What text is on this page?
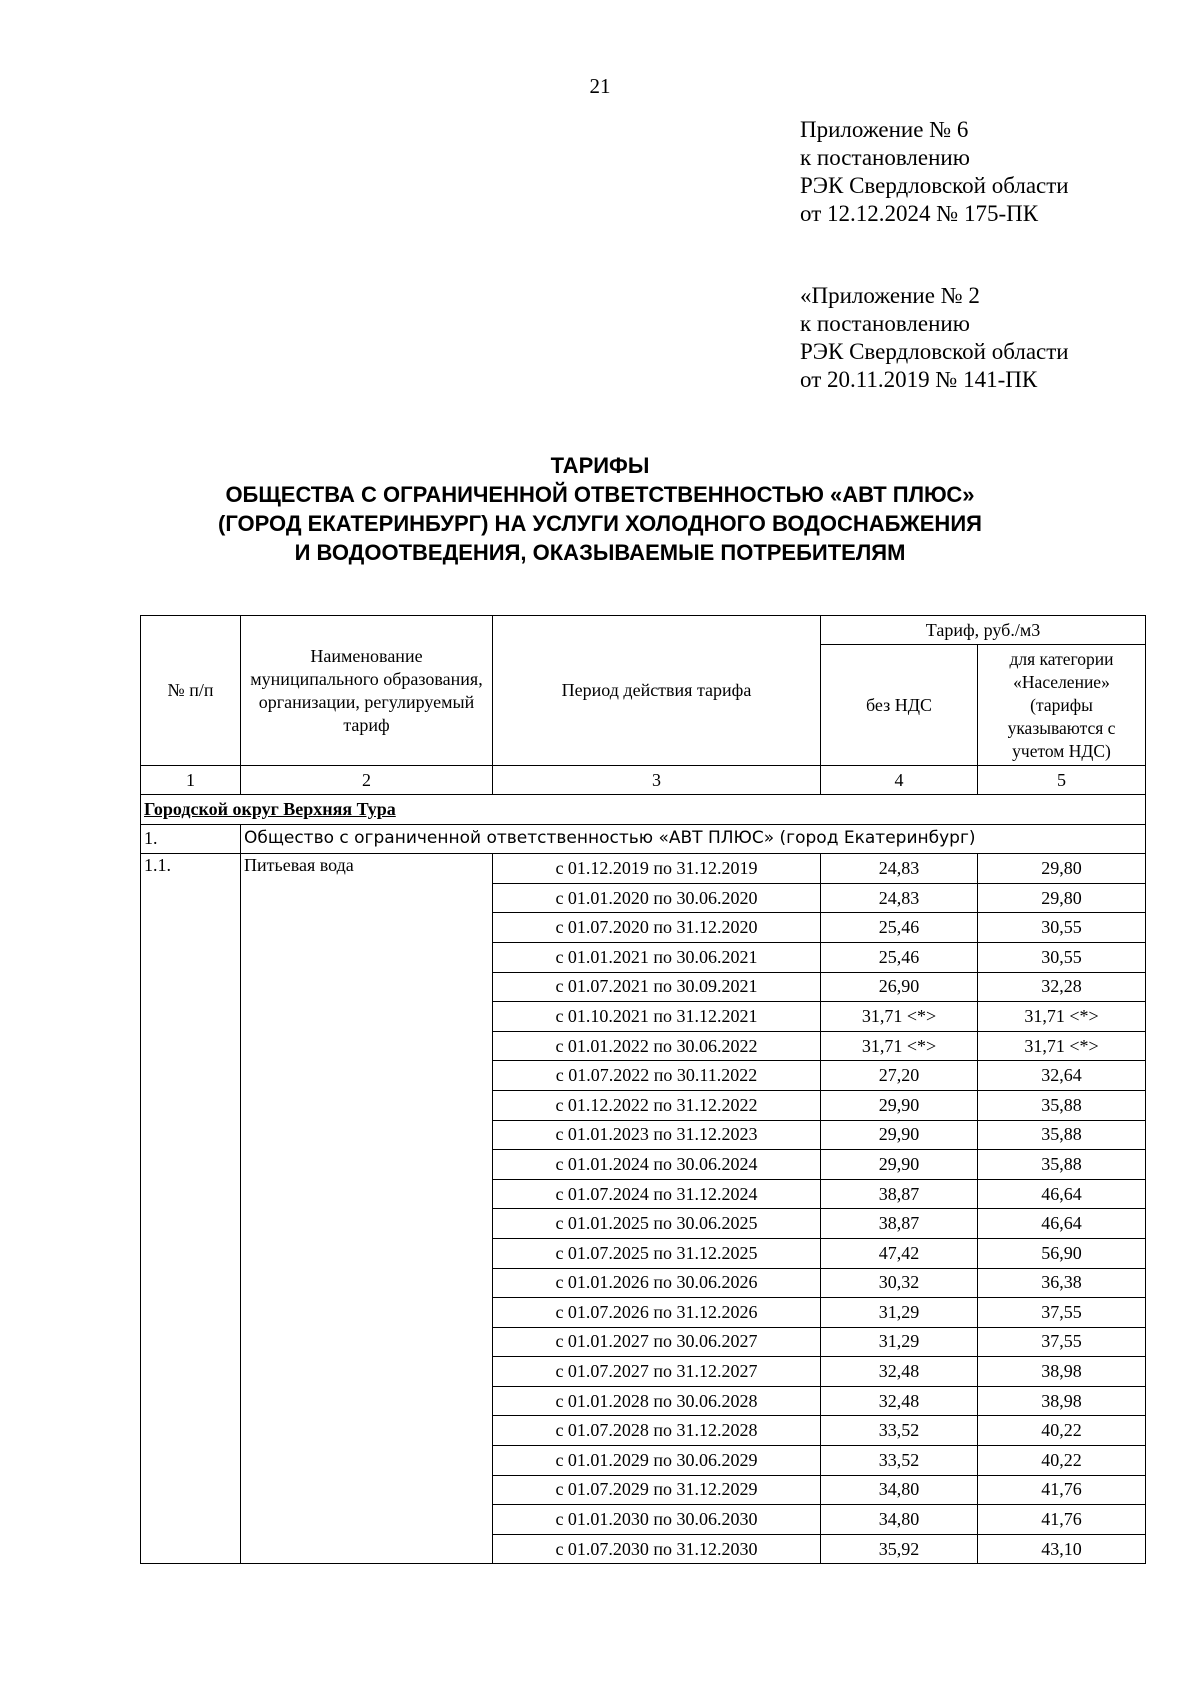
21
Приложение № 6
к постановлению
РЭК Свердловской области
от 12.12.2024 № 175-ПК
«Приложение № 2
к постановлению
РЭК Свердловской области
от 20.11.2019 № 141-ПК
ТАРИФЫ
ОБЩЕСТВА С ОГРАНИЧЕННОЙ ОТВЕТСТВЕННОСТЬЮ «АВТ ПЛЮС»
(ГОРОД ЕКАТЕРИНБУРГ) НА УСЛУГИ ХОЛОДНОГО ВОДОСНАБЖЕНИЯ
И ВОДООТВЕДЕНИЯ, ОКАЗЫВАЕМЫЕ ПОТРЕБИТЕЛЯМ
№ п/п	Наименование муниципального образования, организации, регулируемый тариф	Период действия тарифа	Тариф, руб./м3	
			без НДС	для категории «Население» (тарифы указываются с учетом НДС)
1	2	3	4	5
Городской округ Верхняя Тура				
1.	Общество с ограниченной ответственностью «АВТ ПЛЮС» (город Екатеринбург)			
1.1.	Питьевая вода	с 01.12.2019 по 31.12.2019	24,83	29,80
		с 01.01.2020 по 30.06.2020	24,83	29,80
		с 01.07.2020 по 31.12.2020	25,46	30,55
		с 01.01.2021 по 30.06.2021	25,46	30,55
		с 01.07.2021 по 30.09.2021	26,90	32,28
		с 01.10.2021 по 31.12.2021	31,71 <*>	31,71 <*>
		с 01.01.2022 по 30.06.2022	31,71 <*>	31,71 <*>
		с 01.07.2022 по 30.11.2022	27,20	32,64
		с 01.12.2022 по 31.12.2022	29,90	35,88
		с 01.01.2023 по 31.12.2023	29,90	35,88
		с 01.01.2024 по 30.06.2024	29,90	35,88
		с 01.07.2024 по 31.12.2024	38,87	46,64
		с 01.01.2025 по 30.06.2025	38,87	46,64
		с 01.07.2025 по 31.12.2025	47,42	56,90
		с 01.01.2026 по 30.06.2026	30,32	36,38
		с 01.07.2026 по 31.12.2026	31,29	37,55
		с 01.01.2027 по 30.06.2027	31,29	37,55
		с 01.07.2027 по 31.12.2027	32,48	38,98
		с 01.01.2028 по 30.06.2028	32,48	38,98
		с 01.07.2028 по 31.12.2028	33,52	40,22
		с 01.01.2029 по 30.06.2029	33,52	40,22
		с 01.07.2029 по 31.12.2029	34,80	41,76
		с 01.01.2030 по 30.06.2030	34,80	41,76
		с 01.07.2030 по 31.12.2030	35,92	43,10
